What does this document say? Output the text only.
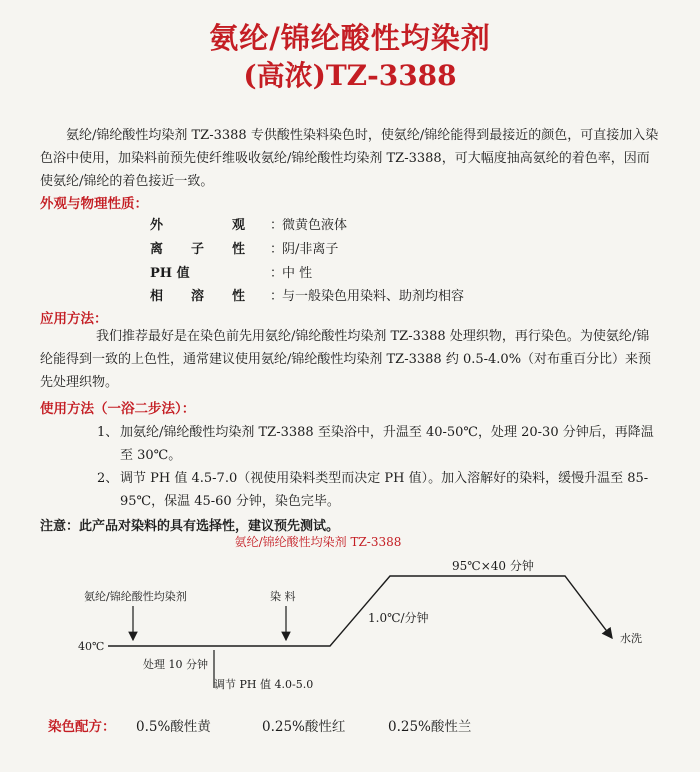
氨纶/锦纶酸性均染剂
(高浓)TZ-3388
氨纶/锦纶酸性均染剂 TZ-3388 专供酸性染料染色时，使氨纶/锦纶能得到最接近的颜色，可直接加入染色浴中使用，加染料前预先使纤维吸收氨纶/锦纶酸性均染剂 TZ-3388，可大幅度抽高氨纶的着色率，因而使氨纶/锦纶的着色接近一致。
外观与物理性质：
外观 ：
微黄色液体
离子性 ：
阴/非离子
PH 值	：
中 性
相溶性 ：
与一般染色用染料、助剂均相容
应用方法：
我们推荐最好是在染色前先用氨纶/锦纶酸性均染剂 TZ-3388 处理织物，再行染色。为使氨纶/锦纶能得到一致的上色性，通常建议使用氨纶/锦纶酸性均染剂 TZ-3388 约 0.5-4.0%（对布重百分比）来预先处理织物。
使用方法（一浴二步法）：
1、 加氨纶/锦纶酸性均染剂 TZ-3388 至染浴中，升温至 40-50℃，处理 20-30 分钟后，再降温至 30℃。
2、 调节 PH 值 4.5-7.0（视使用染料类型而决定 PH 值）。加入溶解好的染料，缓慢升温至 85-95℃，保温 45-60 分钟，染色完毕。
注意：此产品对染料的具有选择性，建议预先测试。
氨纶/锦纶酸性均染剂 TZ-3388
95℃×40 分钟
氨纶/锦纶酸性均染剂	染 料
1.0℃/分钟
40℃
处理 10 分钟
调节 PH 值 4.0-5.0
水洗
染色配方： 0.5%酸性黄	0.25%酸性红	0.25%酸性兰
